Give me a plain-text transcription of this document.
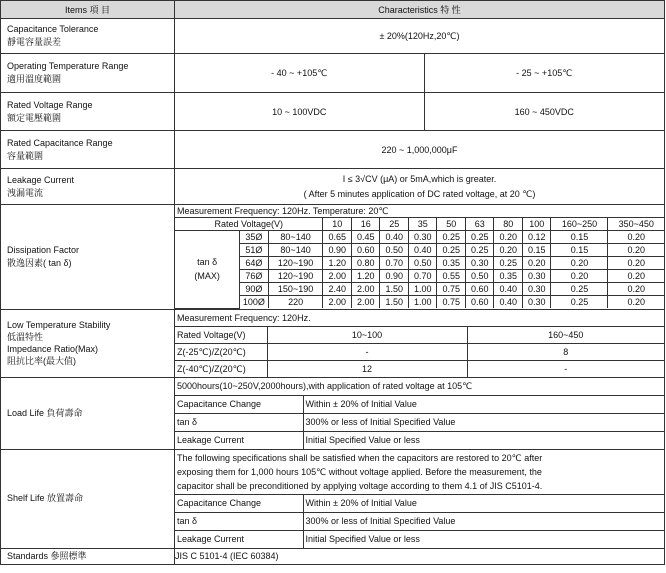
Items 項 目	Characteristics 特 性

Capacitance Tolerance
靜電容量誤差
	± 20%(120Hz,20℃)

Operating Temperature Range
適用溫度範圍

- 40 ~ +105℃	- 25 ~ +105℃

Rated Voltage Range
額定電壓範圍

10 ~ 100VDC	160 ~ 450VDC

Rated Capacitance Range
容量範圍
	220 ~ 1,000,000μF

Leakage Current
洩漏電流

I ≤ 3√CV (μA) or 5mA,which is greater.
( After 5 minutes application of DC rated voltage, at 20 ℃)

Dissipation Factor
散逸因素( tan δ)

Measurement Frequency: 120Hz. Temperature: 20℃
Rated Voltage(V)	10	16	25	35	50	63	80	100	160~250	350~450

tan δ
(MAX)
	35Ø	80~140	0.65	0.45	0.40	0.30	0.25	0.25	0.20	0.12	0.15	0.20
51Ø	80~140	0.90	0.60	0.50	0.40	0.25	0.25	0.20	0.15	0.15	0.20
64Ø	120~190	1.20	0.80	0.70	0.50	0.35	0.30	0.25	0.20	0.20	0.20
76Ø	120~190	2.00	1.20	0.90	0.70	0.55	0.50	0.35	0.30	0.20	0.20
90Ø	150~190	2.40	2.00	1.50	1.00	0.75	0.60	0.40	0.30	0.25	0.20
100Ø	220	2.00	2.00	1.50	1.00	0.75	0.60	0.40	0.30	0.25	0.20

Low Temperature Stability
低溫特性
Impedance Ratio(Max)
阻抗比率(最大值)

Measurement Frequency: 120Hz.
Rated Voltage(V)	10~100	160~450
Z(-25℃)/Z(20℃)	-	8
Z(-40℃)/Z(20℃)	12	-

Load Life 負荷壽命	
5000hours(10~250V,2000hours),with application of rated voltage at 105℃
Capacitance Change	Within ± 20% of Initial Value
tan δ	300% or less of Initial Specified Value
Leakage Current	Initial Specified Value or less

Shelf Life 放置壽命	
The following specifications shall be satisfied when the capacitors are restored to 20℃ after
exposing them for 1,000 hours 105℃ without voltage applied. Before the measurement, the
capacitor shall be preconditioned by applying voltage according to them 4.1 of JIS C5101-4.

Capacitance Change	Within ± 20% of Initial Value
tan δ	300% or less of Initial Specified Value
Leakage Current	Initial Specified Value or less

Standards 參照標準	JIS C 5101-4 (IEC 60384)
